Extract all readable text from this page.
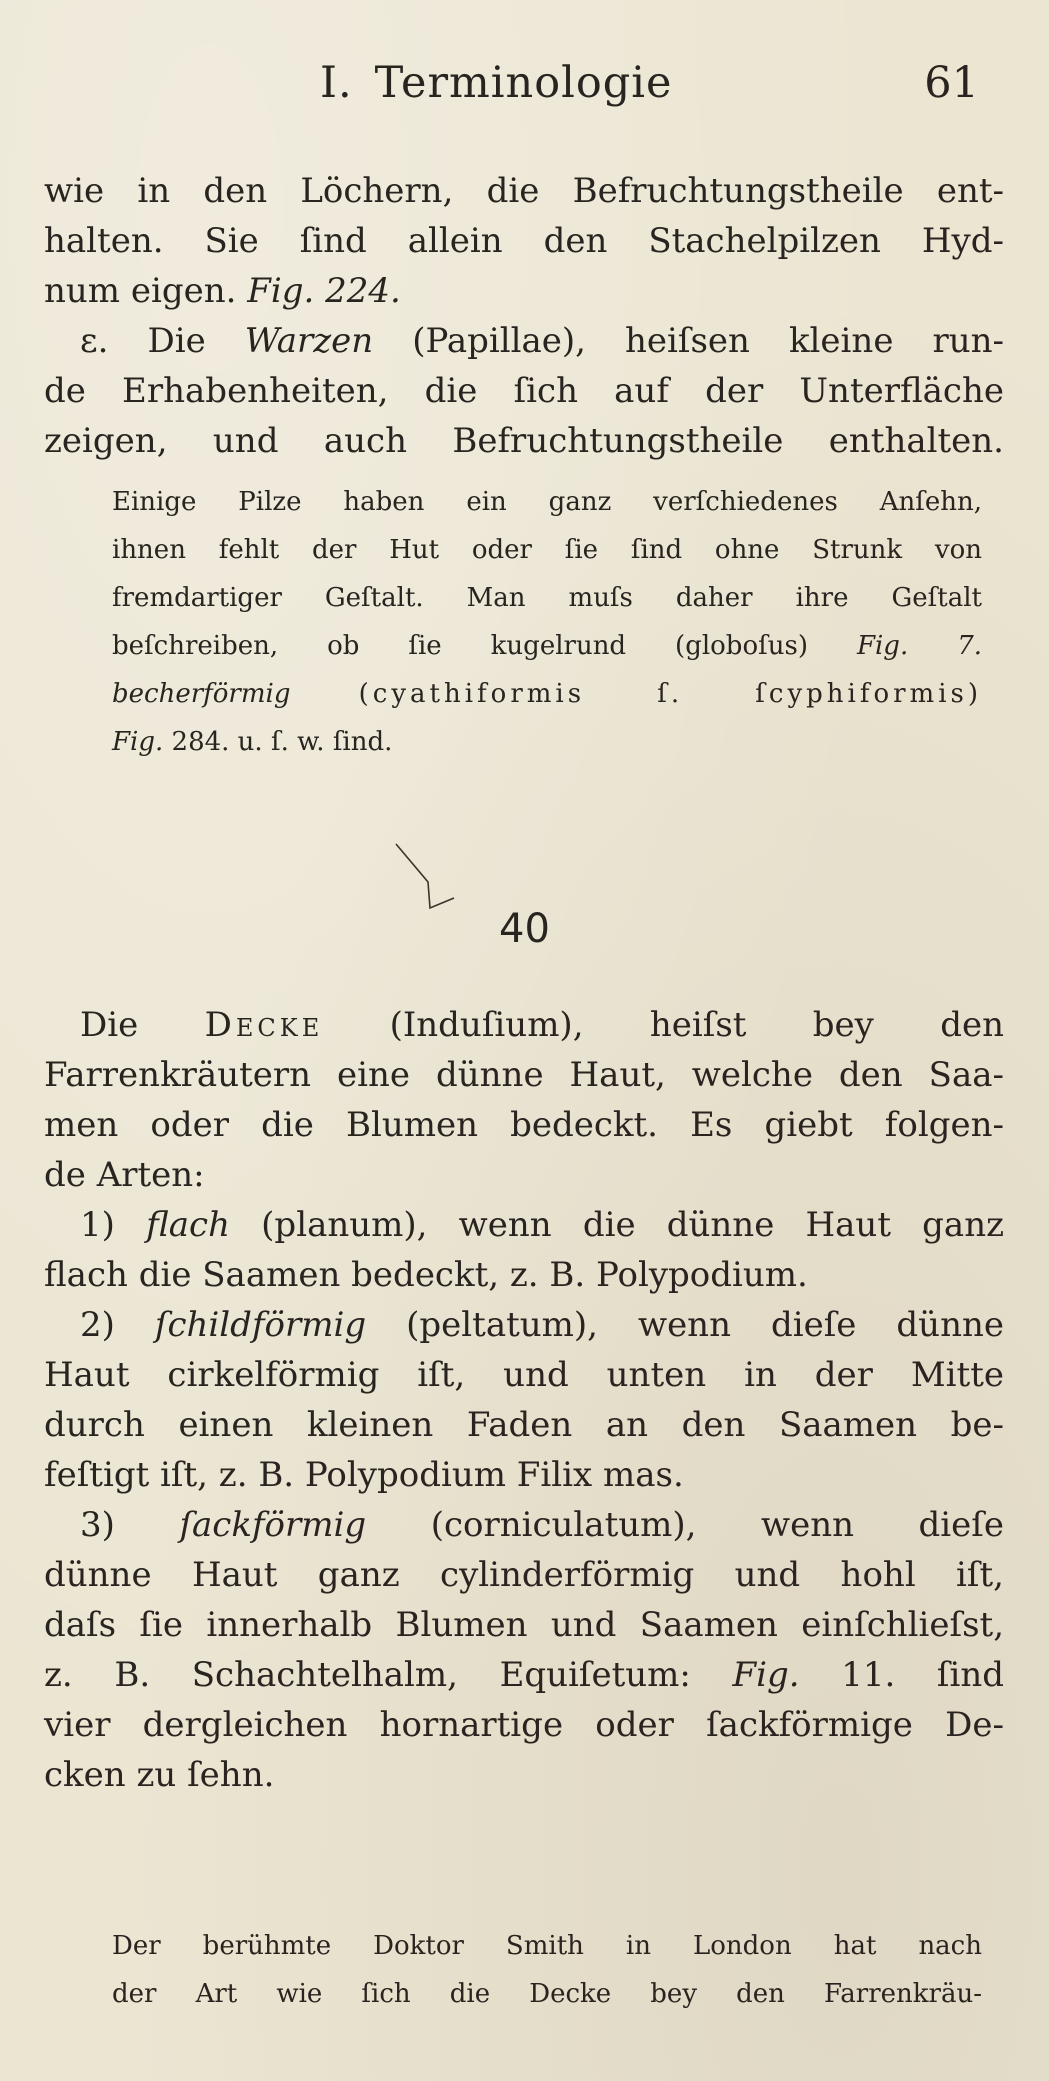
I. Terminologie	61
wie in den Löchern, die Befruchtungstheile ent-
halten. Sie ſind allein den Stachelpilzen Hyd-
num eigen. Fig. 224.
ε. Die Warzen (Papillae), heiſsen kleine run-
de Erhabenheiten, die ſich auf der Unterfläche
zeigen, und auch Befruchtungstheile enthalten.
Einige Pilze haben ein ganz verſchiedenes Anſehn,
ihnen fehlt der Hut oder ſie ſind ohne Strunk von
fremdartiger Geſtalt. Man muſs daher ihre Geſtalt
beſchreiben, ob ſie kugelrund (globoſus) Fig. 7.
becherförmig	(cyathiformis ſ. ſcyphiformis)
Fig. 284. u. ſ. w. ſind.
40
Die Decke (Induſium), heiſst bey den
Farrenkräutern eine dünne Haut, welche den Saa-
men oder die Blumen bedeckt. Es giebt folgen-
de Arten:
1) flach (planum), wenn die dünne Haut ganz
flach die Saamen bedeckt, z. B. Polypodium.
2) ſchildförmig (peltatum), wenn dieſe dünne
Haut cirkelförmig iſt, und unten in der Mitte
durch einen kleinen Faden an den Saamen be-
feſtigt iſt, z. B. Polypodium Filix mas.
3) ſackförmig (corniculatum), wenn dieſe
dünne Haut ganz cylinderförmig und hohl iſt,
daſs ſie innerhalb Blumen und Saamen einſchlieſst,
z. B. Schachtelhalm, Equiſetum: Fig. 11. ſind
vier dergleichen hornartige oder ſackförmige De-
cken zu ſehn.
Der berühmte Doktor Smith in London hat nach
der Art wie ſich die Decke bey den Farrenkräu-
